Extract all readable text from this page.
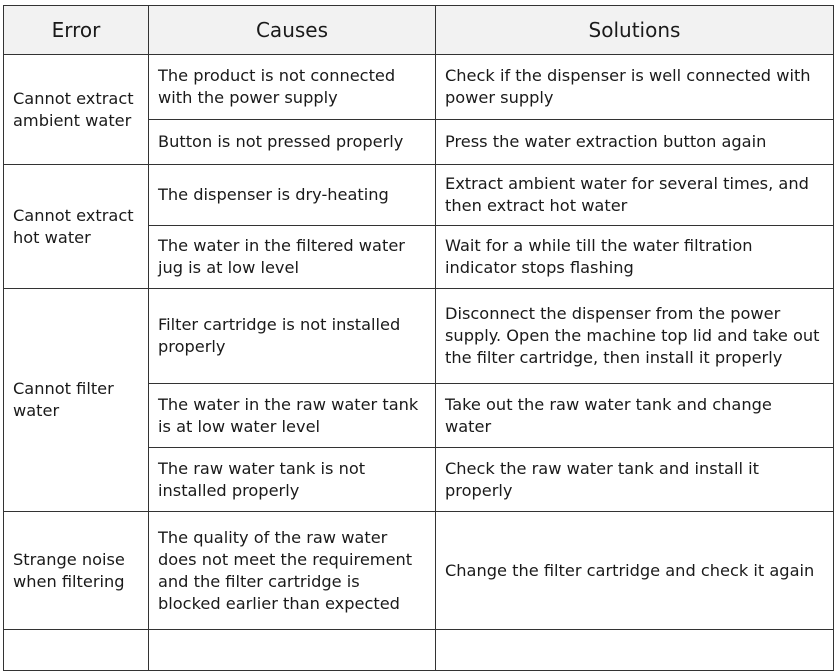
Error	Causes	Solutions

Cannot extract ambient water	The product is not connected with the power supply	Check if the dispenser is well connected with power supply

	Button is not pressed properly	Press the water extraction button again

Cannot extract hot water	The dispenser is dry-heating	Extract ambient water for several times, and then extract hot water

	The water in the filtered water jug is at low level	Wait for a while till the water filtration indicator stops flashing

Cannot filter water	Filter cartridge is not installed properly	Disconnect the dispenser from the power supply. Open the machine top lid and take out the filter cartridge, then install it properly

	The water in the raw water tank is at low water level	Take out the raw water tank and change water

	The raw water tank is not installed properly	Check the raw water tank and install it properly

Strange noise when filtering	The quality of the raw water does not meet the requirement and the filter cartridge is blocked earlier than expected	Change the filter cartridge and check it again
